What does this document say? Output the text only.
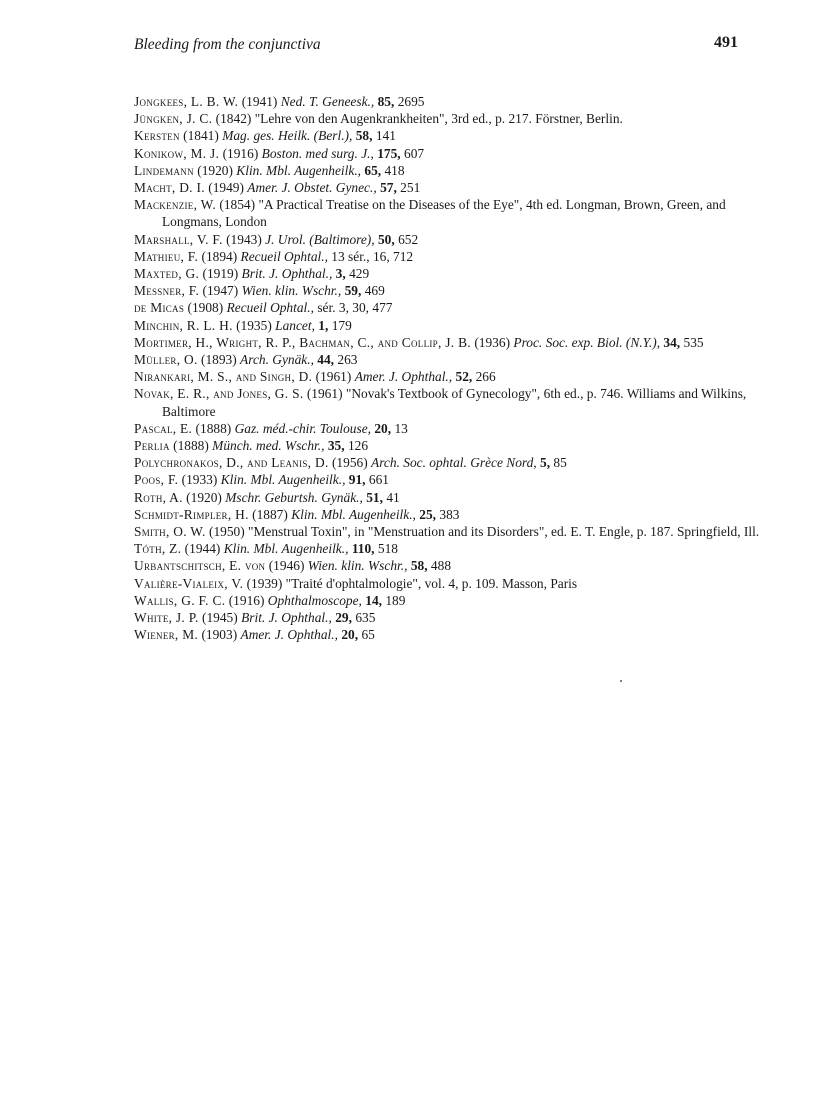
Bleeding from the conjunctiva	491
Jongkees, L. B. W. (1941) Ned. T. Geneesk., 85, 2695
Jüngken, J. C. (1842) "Lehre von den Augenkrankheiten", 3rd ed., p. 217. Förstner, Berlin.
Kersten (1841) Mag. ges. Heilk. (Berl.), 58, 141
Konikow, M. J. (1916) Boston. med surg. J., 175, 607
Lindemann (1920) Klin. Mbl. Augenheilk., 65, 418
Macht, D. I. (1949) Amer. J. Obstet. Gynec., 57, 251
Mackenzie, W. (1854) "A Practical Treatise on the Diseases of the Eye", 4th ed. Longman, Brown, Green, and Longmans, London
Marshall, V. F. (1943) J. Urol. (Baltimore), 50, 652
Mathieu, F. (1894) Recueil Ophtal., 13 sér., 16, 712
Maxted, G. (1919) Brit. J. Ophthal., 3, 429
Messner, F. (1947) Wien. klin. Wschr., 59, 469
de Micas (1908) Recueil Ophtal., sér. 3, 30, 477
Minchin, R. L. H. (1935) Lancet, 1, 179
Mortimer, H., Wright, R. P., Bachman, C., and Collip, J. B. (1936) Proc. Soc. exp. Biol. (N.Y.), 34, 535
Müller, O. (1893) Arch. Gynäk., 44, 263
Nirankari, M. S., and Singh, D. (1961) Amer. J. Ophthal., 52, 266
Novak, E. R., and Jones, G. S. (1961) "Novak's Textbook of Gynecology", 6th ed., p. 746. Williams and Wilkins, Baltimore
Pascal, E. (1888) Gaz. méd.-chir. Toulouse, 20, 13
Perlia (1888) Münch. med. Wschr., 35, 126
Polychronakos, D., and Leanis, D. (1956) Arch. Soc. ophtal. Grèce Nord, 5, 85
Poos, F. (1933) Klin. Mbl. Augenheilk., 91, 661
Roth, A. (1920) Mschr. Geburtsh. Gynäk., 51, 41
Schmidt-Rimpler, H. (1887) Klin. Mbl. Augenheilk., 25, 383
Smith, O. W. (1950) "Menstrual Toxin", in "Menstruation and its Disorders", ed. E. T. Engle, p. 187. Springfield, Ill.
Tóth, Z. (1944) Klin. Mbl. Augenheilk., 110, 518
Urbantschitsch, E. von (1946) Wien. klin. Wschr., 58, 488
Valière-Vialeix, V. (1939) "Traité d'ophtalmologie", vol. 4, p. 109. Masson, Paris
Wallis, G. F. C. (1916) Ophthalmoscope, 14, 189
White, J. P. (1945) Brit. J. Ophthal., 29, 635
Wiener, M. (1903) Amer. J. Ophthal., 20, 65
